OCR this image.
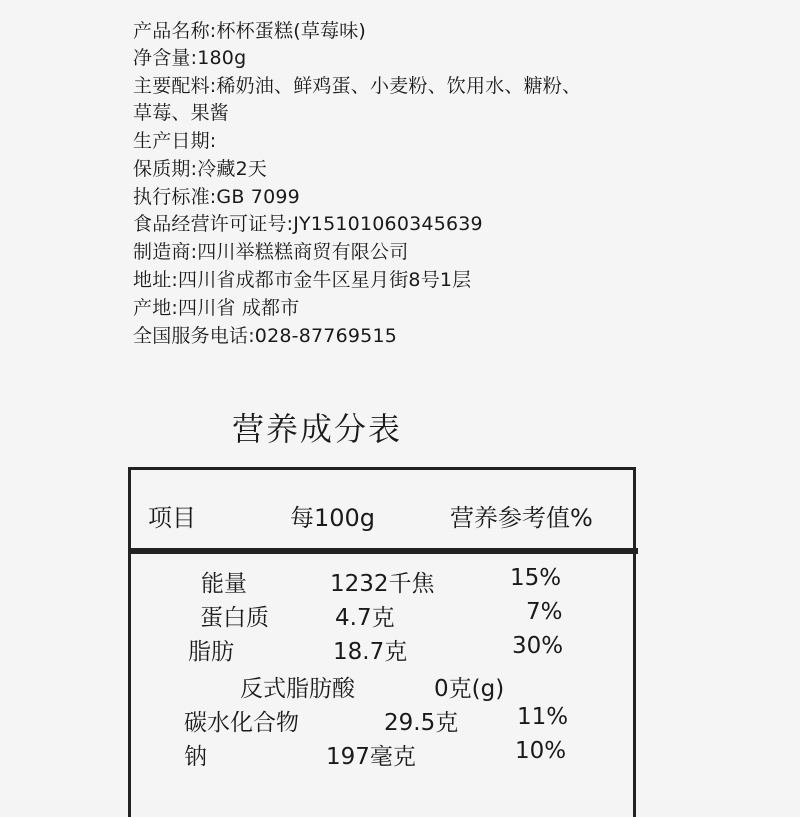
产品名称:杯杯蛋糕(草莓味)
净含量:180g
主要配料:稀奶油、鲜鸡蛋、小麦粉、饮用水、糖粉、
草莓、果酱
生产日期:
保质期:冷藏2天
执行标准:GB 7099
食品经营许可证号:JY15101060345639
制造商:四川举糕糕商贸有限公司
地址:四川省成都市金牛区星月街8号1层
产地:四川省 成都市
全国服务电话:028-87769515
营养成分表
项目	每100g	营养参考值%
能量	1232千焦	15%
蛋白质	4.7克	7%
脂肪	18.7克	30%
反式脂肪酸	0克(g)
碳水化合物	29.5克	11%
钠	197毫克	10%
